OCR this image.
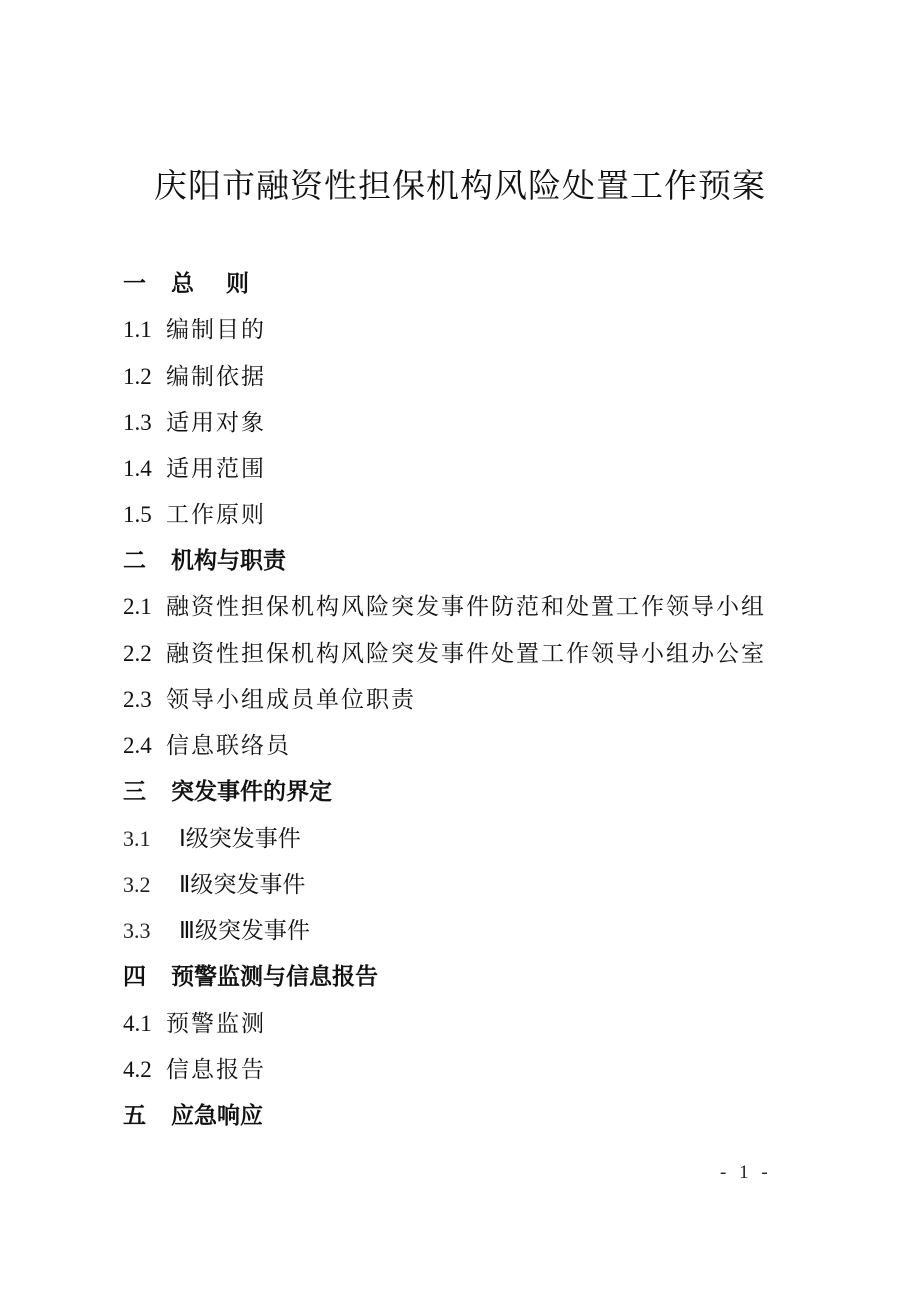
庆阳市融资性担保机构风险处置工作预案
一 总 则
1.1 编制目的
1.2 编制依据
1.3 适用对象
1.4 适用范围
1.5 工作原则
二 机构与职责
2.1 融资性担保机构风险突发事件防范和处置工作领导小组
2.2 融资性担保机构风险突发事件处置工作领导小组办公室
2.3 领导小组成员单位职责
2.4 信息联络员
三 突发事件的界定
3.1Ⅰ级突发事件
3.2Ⅱ级突发事件
3.3Ⅲ级突发事件
四 预警监测与信息报告
4.1 预警监测
4.2 信息报告
五 应急响应
- 1 -
